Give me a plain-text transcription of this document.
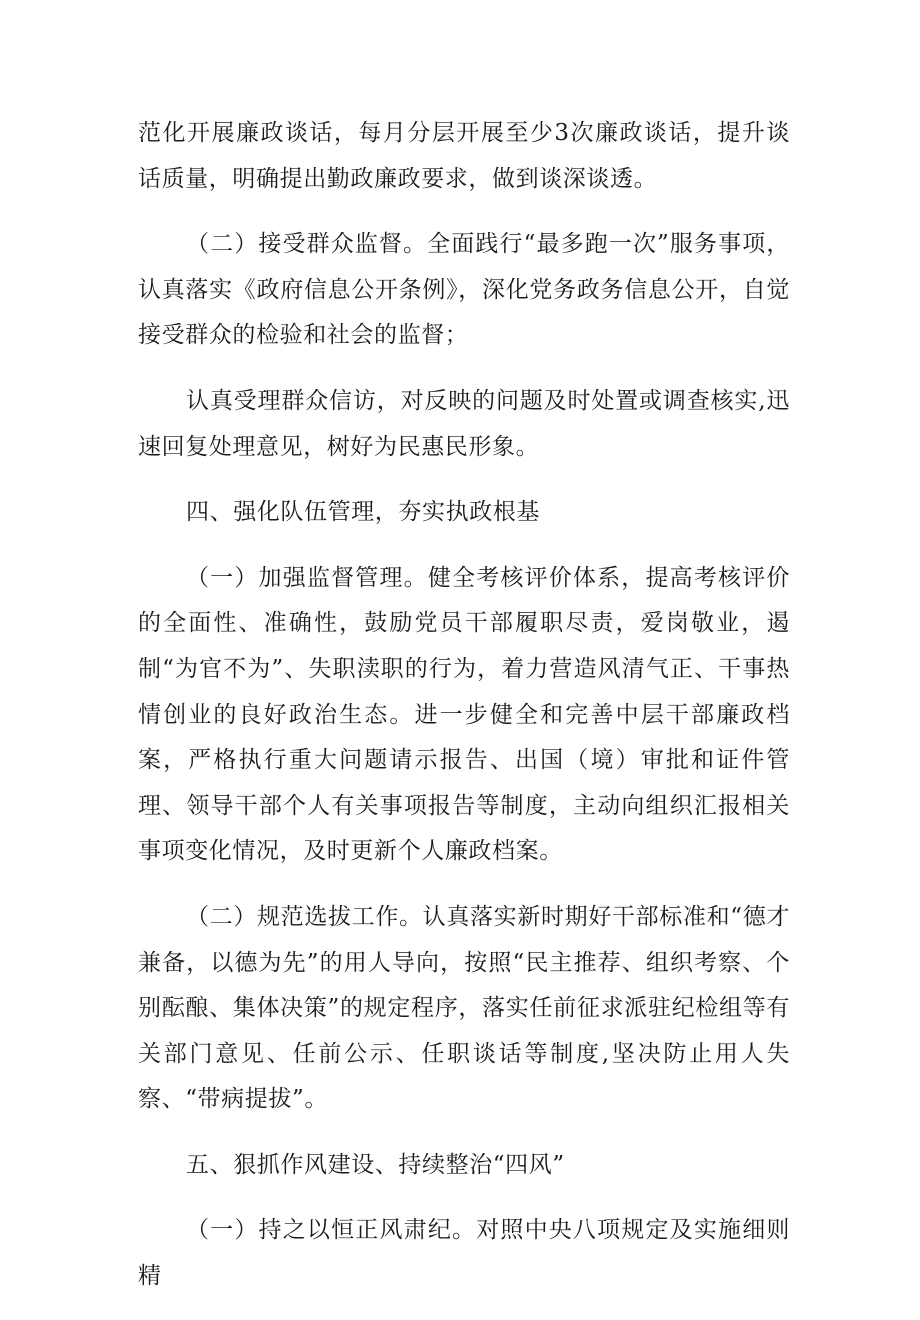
范化开展廉政谈话，每月分层开展至少3次廉政谈话，提升谈话质量，明确提出勤政廉政要求，做到谈深谈透。

（二）接受群众监督。全面践行“最多跑一次”服务事项，认真落实《政府信息公开条例》，深化党务政务信息公开，自觉接受群众的检验和社会的监督；

认真受理群众信访，对反映的问题及时处置或调查核实,迅速回复处理意见，树好为民惠民形象。

四、强化队伍管理，夯实执政根基

（一）加强监督管理。健全考核评价体系，提高考核评价的全面性、准确性，鼓励党员干部履职尽责，爱岗敬业，遏制“为官不为”、失职渎职的行为，着力营造风清气正、干事热情创业的良好政治生态。进一步健全和完善中层干部廉政档案，严格执行重大问题请示报告、出国（境）审批和证件管理、领导干部个人有关事项报告等制度，主动向组织汇报相关事项变化情况，及时更新个人廉政档案。

（二）规范选拔工作。认真落实新时期好干部标准和“德才兼备，以德为先”的用人导向，按照“民主推荐、组织考察、个别酝酿、集体决策”的规定程序，落实任前征求派驻纪检组等有关部门意见、任前公示、任职谈话等制度,坚决防止用人失察、“带病提拔”。

五、狠抓作风建设、持续整治“四风”

（一）持之以恒正风肃纪。对照中央八项规定及实施细则精
